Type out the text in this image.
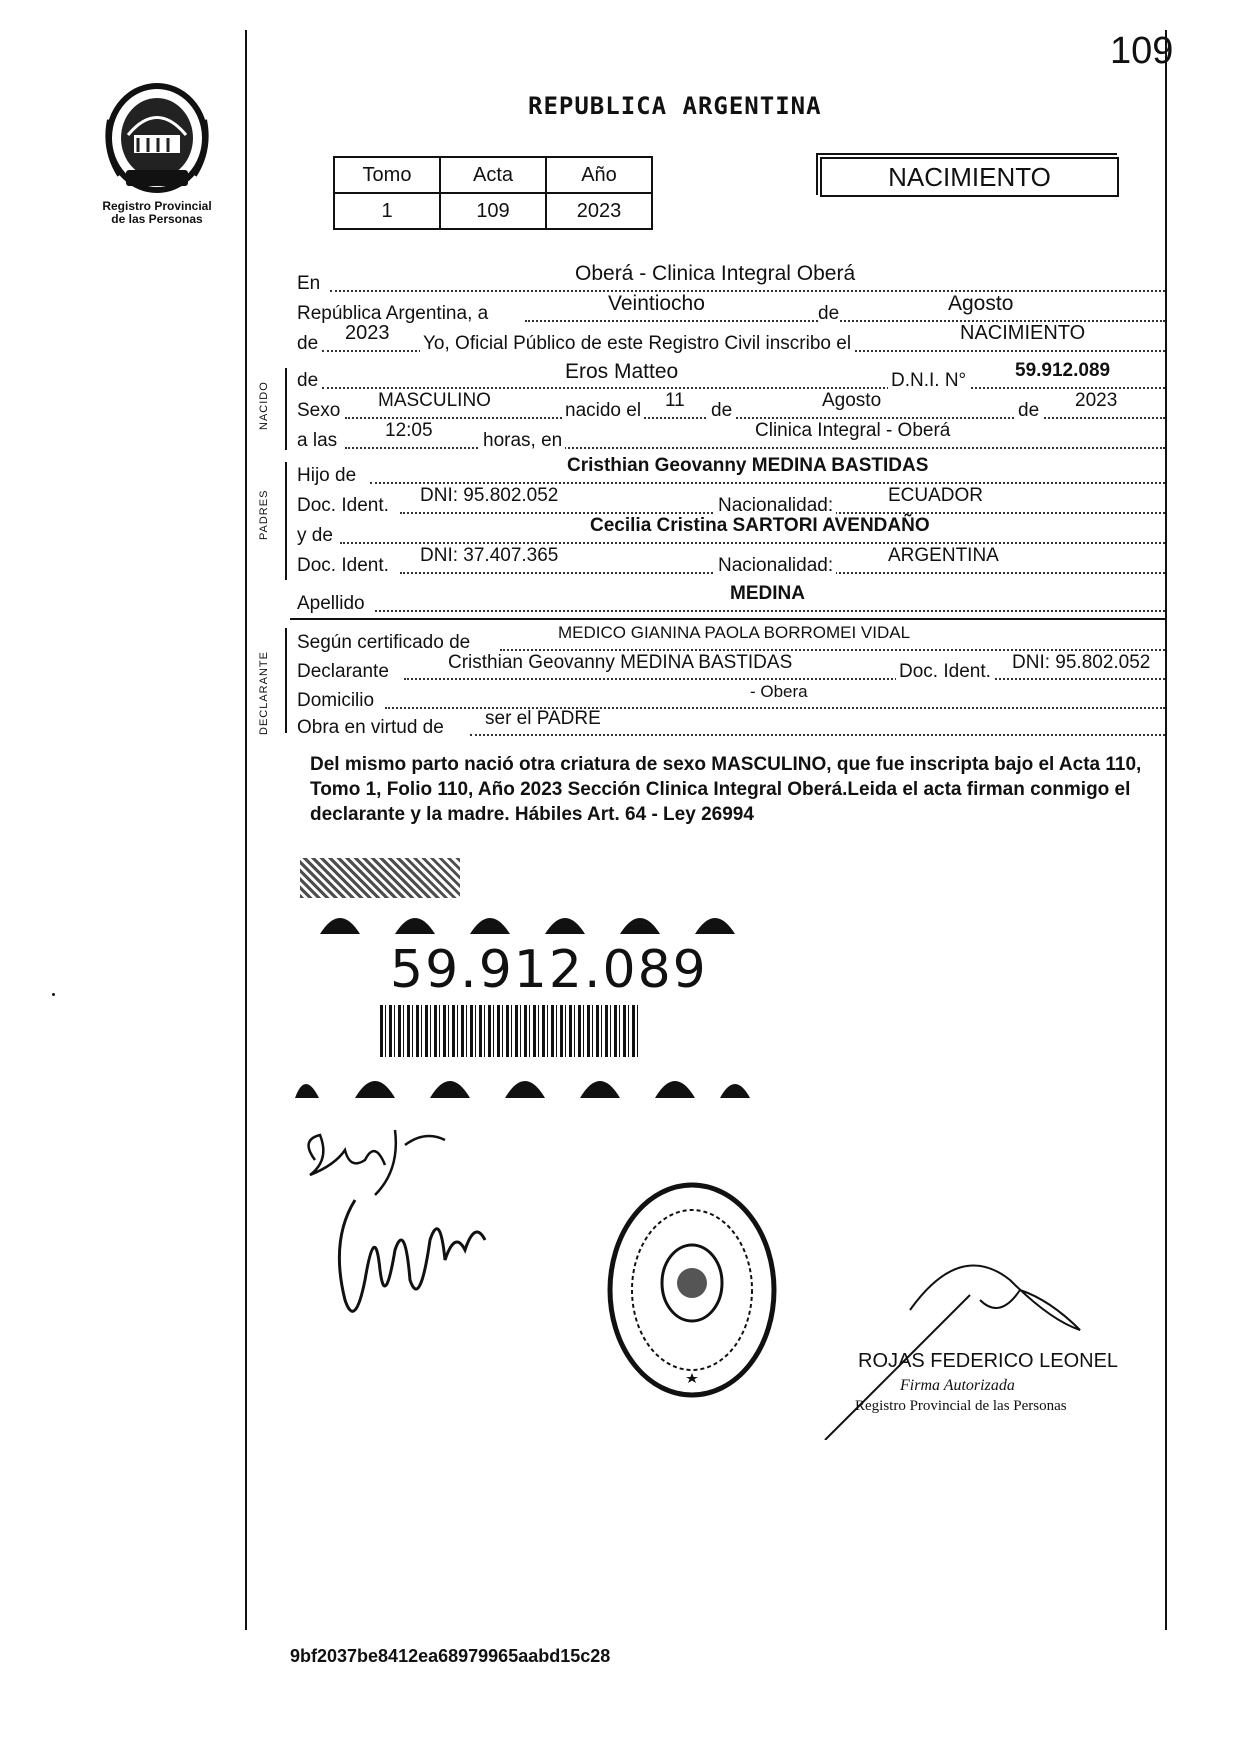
109
Registro Provincial
de las Personas
REPUBLICA ARGENTINA
Tomo	Acta	Año
1	109	2023
NACIMIENTO
En	Oberá - Clinica Integral Oberá
República Argentina, a	Veintiocho	de	Agosto
de 2023 Yo, Oficial Público de este Registro Civil inscribo el	NACIMIENTO
NACIDO
de	Eros Matteo	D.N.I. N°	59.912.089
Sexo MASCULINO	nacido el 11 de	Agosto	de 2023
a las	12:05	horas, en	Clinica Integral - Oberá
PADRES
Hijo de	Cristhian Geovanny MEDINA BASTIDAS
Doc. Ident. DNI: 95.802.052	Nacionalidad:	ECUADOR
y de	Cecilia Cristina SARTORI AVENDAÑO
Doc. Ident. DNI: 37.407.365	Nacionalidad:	ARGENTINA
Apellido	MEDINA
DECLARANTE
Según certificado de	MEDICO GIANINA PAOLA BORROMEI VIDAL
Declarante	Cristhian Geovanny MEDINA BASTIDAS	Doc. Ident. DNI: 95.802.052
Domicilio	- Obera
Obra en virtud de ser el PADRE
Del mismo parto nació otra criatura de sexo MASCULINO, que fue inscripta bajo el Acta 110, Tomo 1, Folio 110, Año 2023 Sección Clinica Integral Oberá.Leida el acta firman conmigo el declarante y la madre. Hábiles Art. 64 - Ley 26994
59.912.089
ROJAS FEDERICO LEONEL
Firma Autorizada
Registro Provincial de las Personas
9bf2037be8412ea68979965aabd15c28
